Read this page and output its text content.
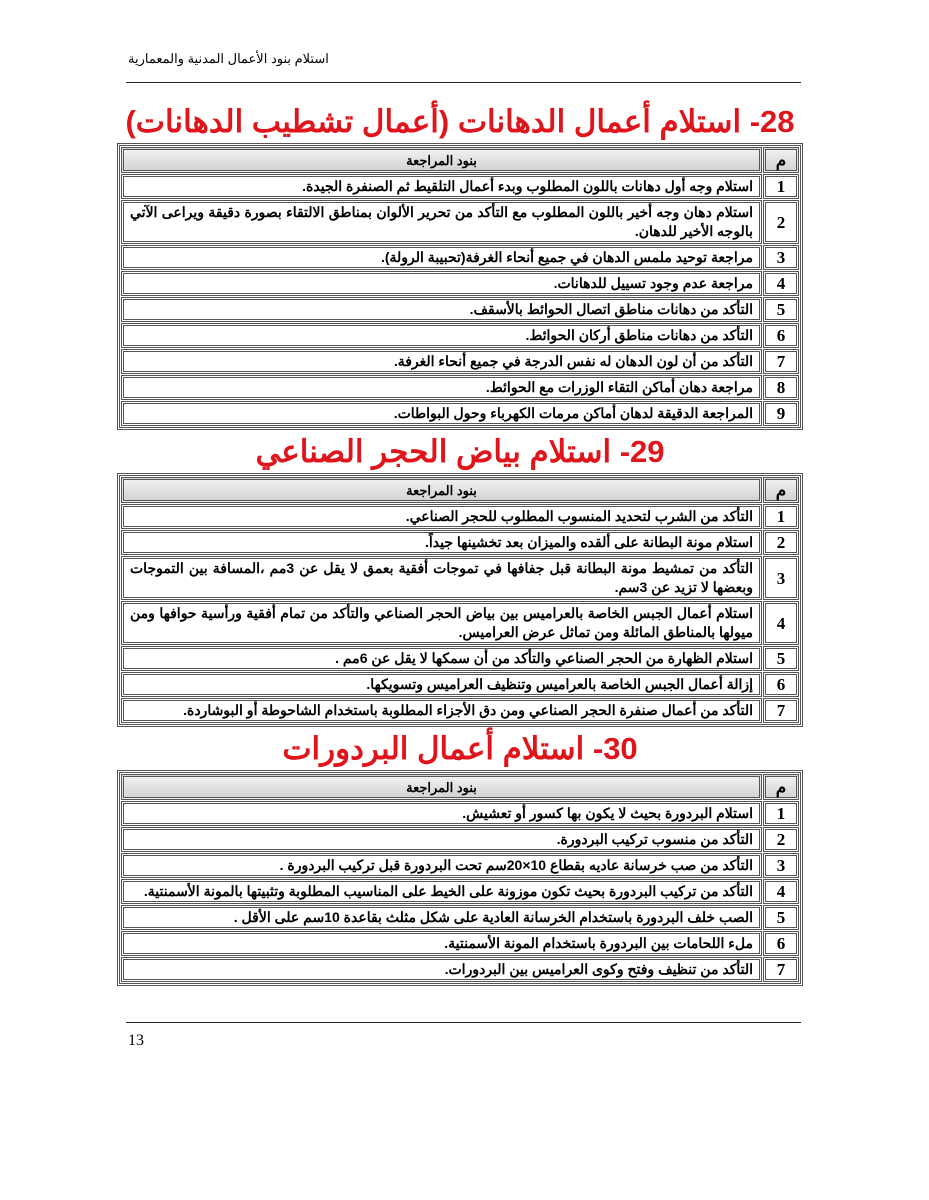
استلام بنود الأعمال المدنية والمعمارية
28- استلام أعمال الدهانات (أعمال تشطيب الدهانات)
م	بنود المراجعة
1	استلام وجه أول دهانات باللون المطلوب وبدء أعمال التلقيط ثم الصنفرة الجيدة.
2	استلام دهان وجه أخير باللون المطلوب مع التأكد من تحرير الألوان بمناطق الالتقاء بصورة دقيقة ويراعى الآتي بالوجه الأخير للدهان.
3	مراجعة توحيد ملمس الدهان في جميع أنحاء الغرفة(تحبيبة الرولة).
4	مراجعة عدم وجود تسييل للدهانات.
5	التأكد من دهانات مناطق اتصال الحوائط بالأسقف.
6	التأكد من دهانات مناطق أركان الحوائط.
7	التأكد من أن لون الدهان له نفس الدرجة في جميع أنحاء الغرفة.
8	مراجعة دهان أماكن التقاء الوزرات مع الحوائط.
9	المراجعة الدقيقة لدهان أماكن مرمات الكهرباء وحول البواطات.
29- استلام بياض الحجر الصناعي
م	بنود المراجعة
1	التأكد من الشرب لتحديد المنسوب المطلوب للحجر الصناعي.
2	استلام مونة البطانة على ألقده والميزان بعد تخشينها جيداً.
3	التأكد من تمشيط مونة البطانة قبل جفافها في تموجات أفقية بعمق لا يقل عن 3مم ،المسافة بين التموجات وبعضها لا تزيد عن 3سم.
4	استلام أعمال الجبس الخاصة بالعراميس بين بياض الحجر الصناعي والتأكد من تمام أفقية ورأسية حوافها ومن ميولها بالمناطق المائلة ومن تماثل عرض العراميس.
5	استلام الظهارة من الحجر الصناعي والتأكد من أن سمكها لا يقل عن 6مم .
6	إزالة أعمال الجبس الخاصة بالعراميس وتنظيف العراميس وتسويكها.
7	التأكد من أعمال صنفرة الحجر الصناعي ومن دق الأجزاء المطلوبة باستخدام الشاحوطة أو البوشاردة.
30- استلام أعمال البردورات
م	بنود المراجعة
1	استلام البردورة بحيث لا يكون بها كسور أو تعشيش.
2	التأكد من منسوب تركيب البردورة.
3	التأكد من صب خرسانة عاديه بقطاع 10×20سم تحت البردورة قبل تركيب البردورة .
4	التأكد من تركيب البردورة بحيث تكون موزونة على الخيط على المناسيب المطلوبة وتثبيتها بالمونة الأسمنتية.
5	الصب خلف البردورة باستخدام الخرسانة العادية على شكل مثلث بقاعدة 10سم على الأقل .
6	ملء اللحامات بين البردورة باستخدام المونة الأسمنتية.
7	التأكد من تنظيف وفتح وكوى العراميس بين البردورات.
13
